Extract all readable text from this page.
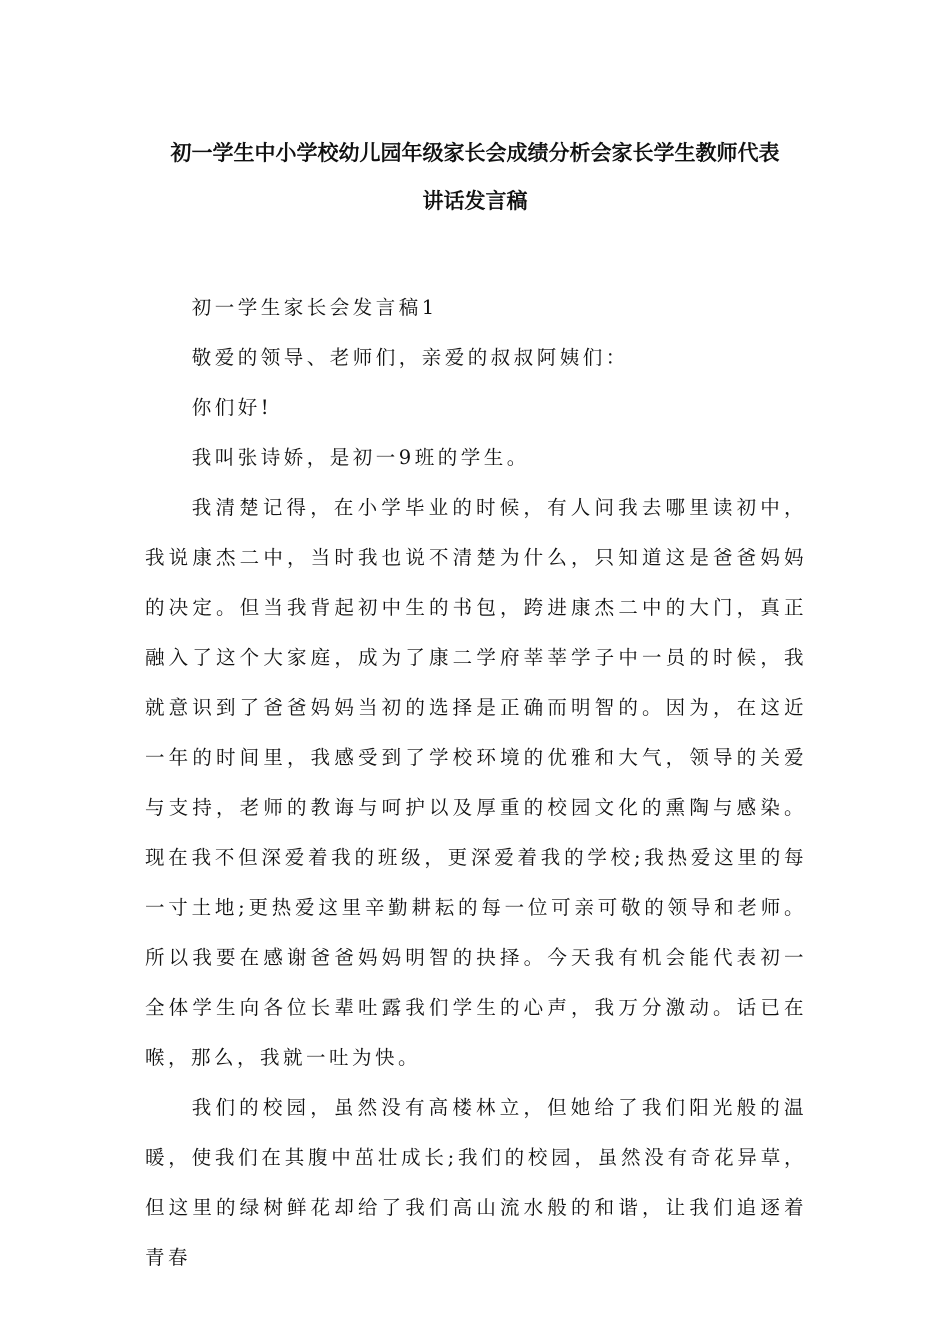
初一学生中小学校幼儿园年级家长会成绩分析会家长学生教师代表
讲话发言稿

初一学生家长会发言稿1

敬爱的领导、老师们，亲爱的叔叔阿姨们：

你们好!

我叫张诗娇，是初一9班的学生。

我清楚记得，在小学毕业的时候，有人问我去哪里读初中，我说康杰二中，当时我也说不清楚为什么，只知道这是爸爸妈妈的决定。但当我背起初中生的书包，跨进康杰二中的大门，真正融入了这个大家庭，成为了康二学府莘莘学子中一员的时候，我就意识到了爸爸妈妈当初的选择是正确而明智的。因为，在这近一年的时间里，我感受到了学校环境的优雅和大气，领导的关爱与支持，老师的教诲与呵护以及厚重的校园文化的熏陶与感染。现在我不但深爱着我的班级，更深爱着我的学校;我热爱这里的每一寸土地;更热爱这里辛勤耕耘的每一位可亲可敬的领导和老师。所以我要在感谢爸爸妈妈明智的抉择。今天我有机会能代表初一全体学生向各位长辈吐露我们学生的心声，我万分激动。话已在喉，那么，我就一吐为快。

我们的校园，虽然没有高楼林立，但她给了我们阳光般的温暖，使我们在其腹中茁壮成长;我们的校园，虽然没有奇花异草，但这里的绿树鲜花却给了我们高山流水般的和谐，让我们追逐着青春
